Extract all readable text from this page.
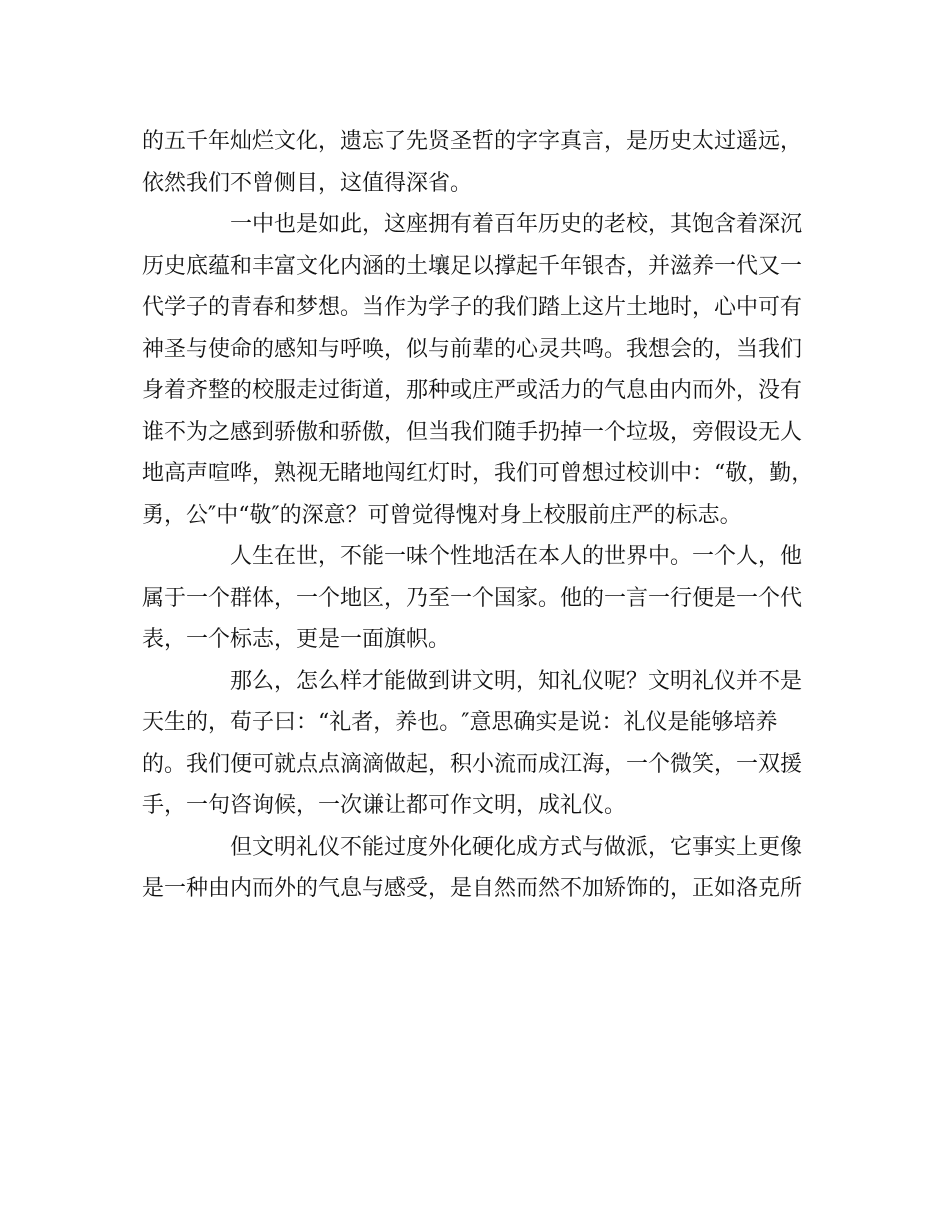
的五千年灿烂文化，遗忘了先贤圣哲的字字真言，是历史太过遥远，
依然我们不曾侧目，这值得深省。
一中也是如此，这座拥有着百年历史的老校，其饱含着深沉
历史底蕴和丰富文化内涵的土壤足以撑起千年银杏，并滋养一代又一
代学子的青春和梦想。当作为学子的我们踏上这片土地时，心中可有
神圣与使命的感知与呼唤，似与前辈的心灵共鸣。我想会的，当我们
身着齐整的校服走过街道，那种或庄严或活力的气息由内而外，没有
谁不为之感到骄傲和骄傲，但当我们随手扔掉一个垃圾，旁假设无人
地高声喧哗，熟视无睹地闯红灯时，我们可曾想过校训中：“敬，勤，
勇，公″中“敬″的深意？可曾觉得愧对身上校服前庄严的标志。
人生在世，不能一味个性地活在本人的世界中。一个人，他
属于一个群体，一个地区，乃至一个国家。他的一言一行便是一个代
表，一个标志，更是一面旗帜。
那么，怎么样才能做到讲文明，知礼仪呢？文明礼仪并不是
天生的，荀子曰：“礼者，养也。″意思确实是说：礼仪是能够培养
的。我们便可就点点滴滴做起，积小流而成江海，一个微笑，一双援
手，一句咨询候，一次谦让都可作文明，成礼仪。
但文明礼仪不能过度外化硬化成方式与做派，它事实上更像
是一种由内而外的气息与感受，是自然而然不加矫饰的，正如洛克所
